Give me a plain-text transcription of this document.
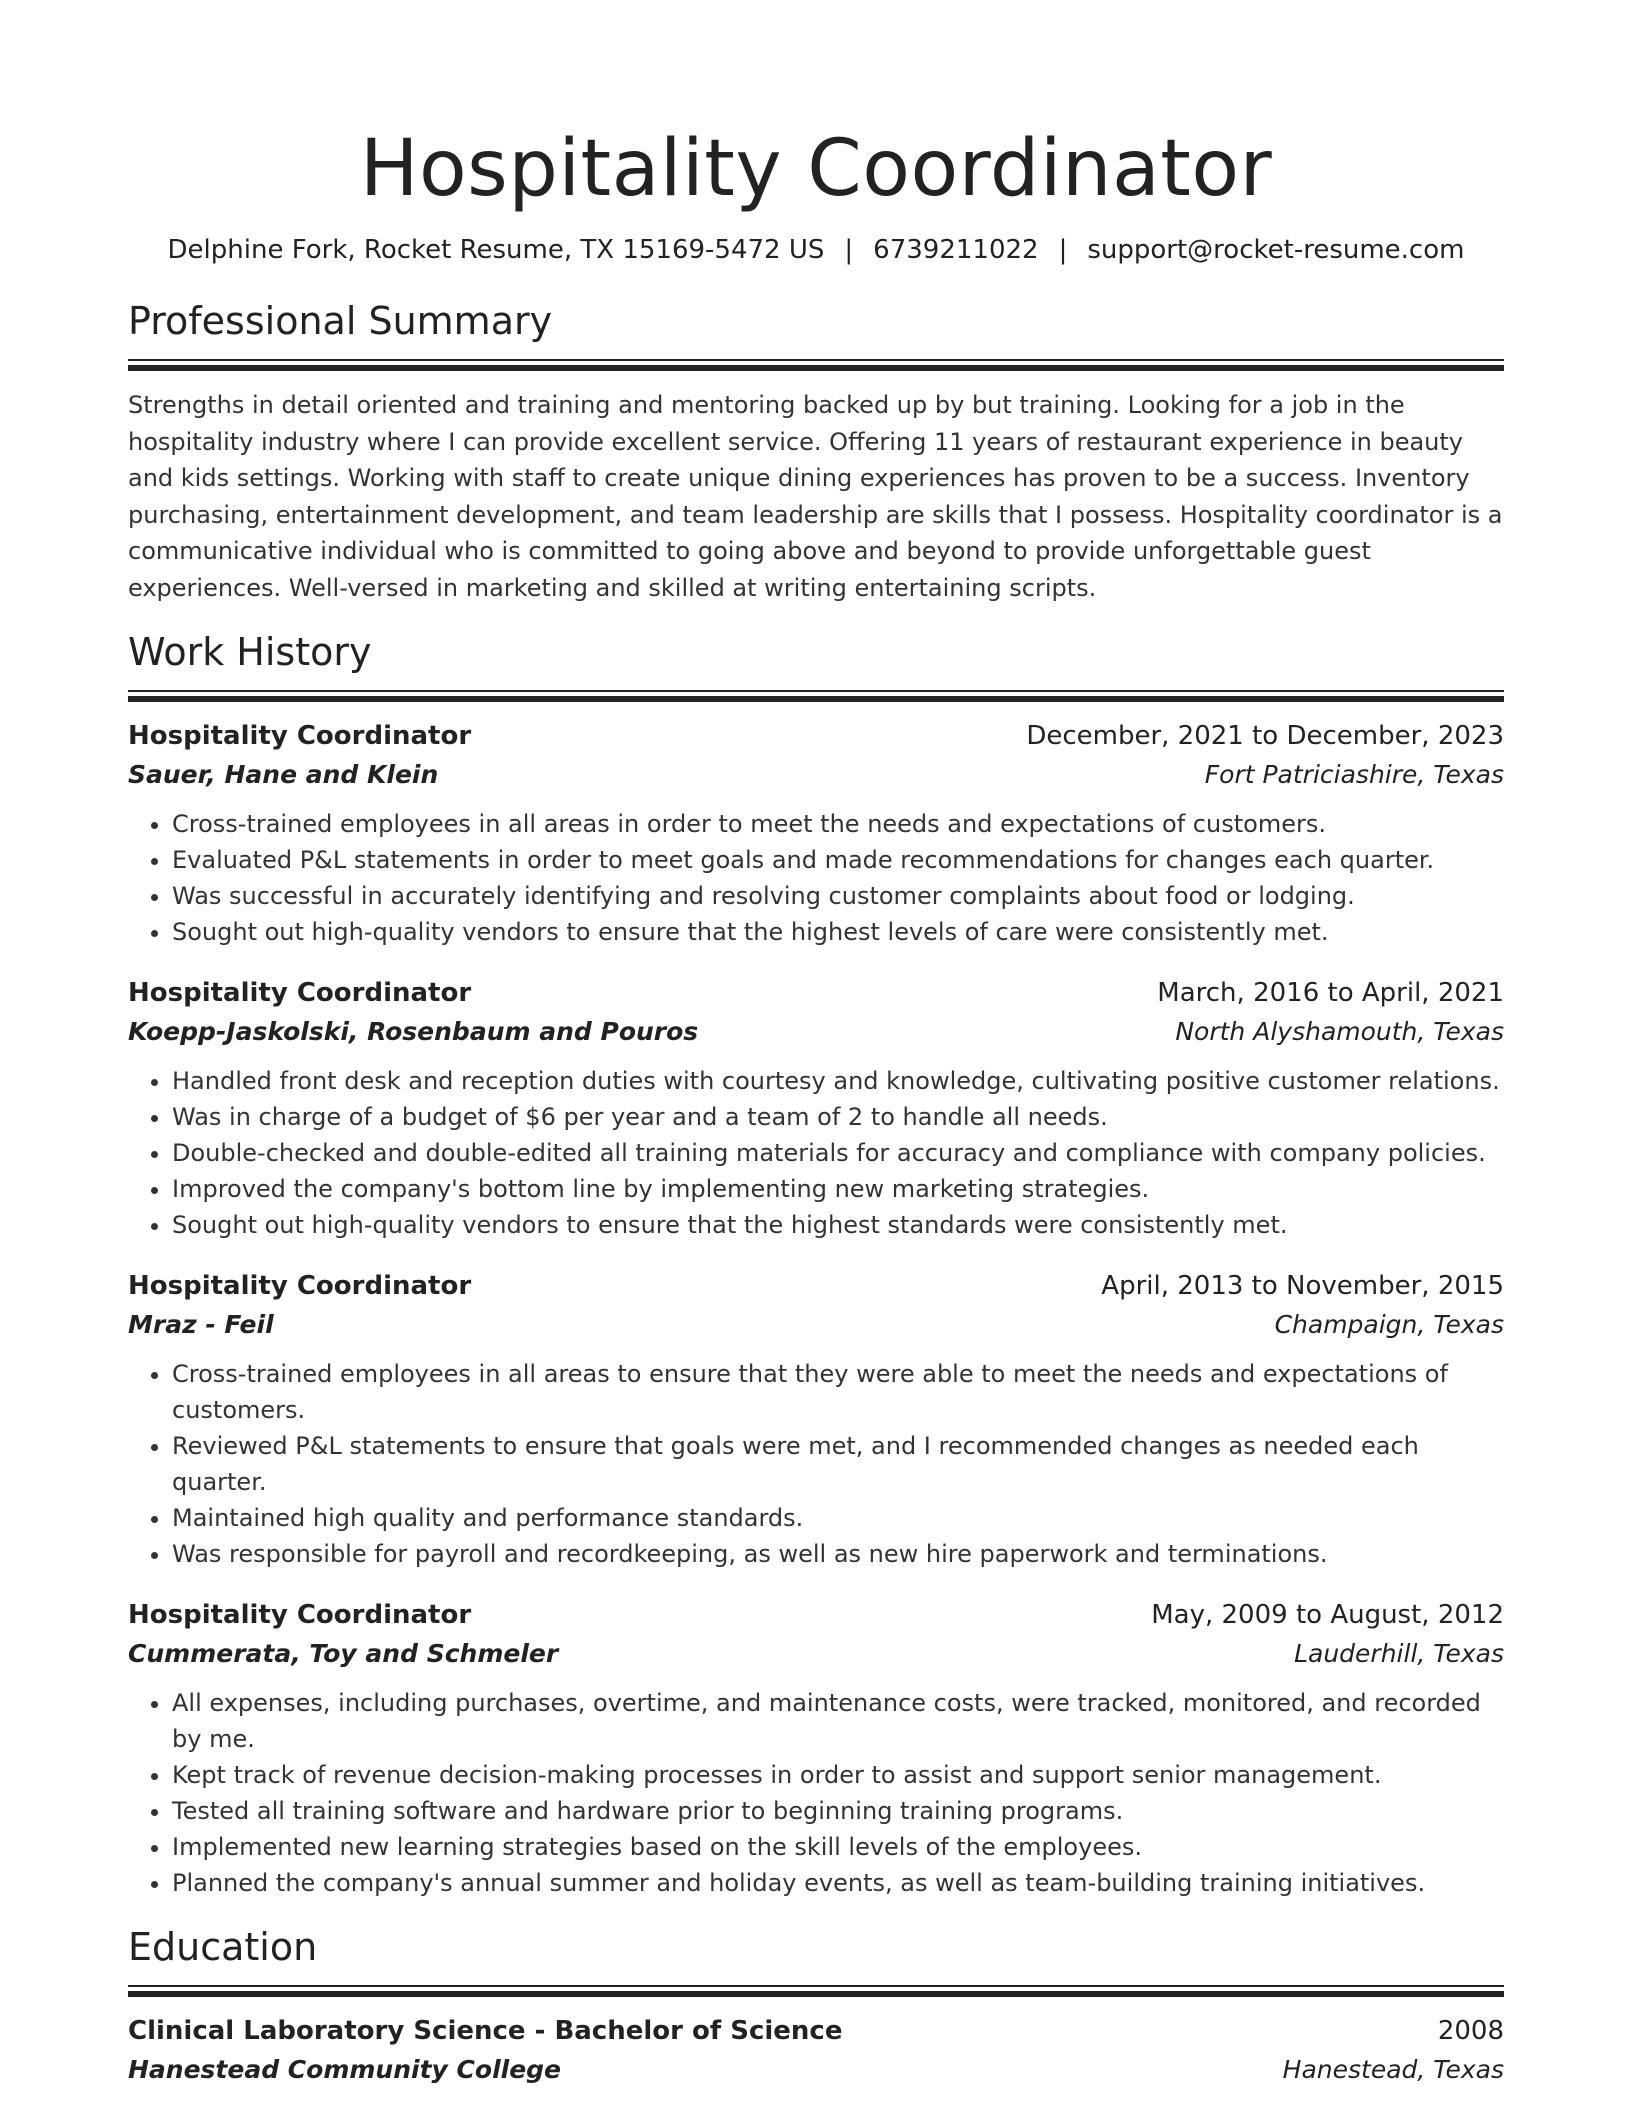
Hospitality Coordinator
Delphine Fork, Rocket Resume, TX 15169-5472 US | 6739211022 | support@rocket-resume.com
Professional Summary
Strengths in detail oriented and training and mentoring backed up by but training. Looking for a job in the hospitality industry where I can provide excellent service. Offering 11 years of restaurant experience in beauty and kids settings. Working with staff to create unique dining experiences has proven to be a success. Inventory purchasing, entertainment development, and team leadership are skills that I possess. Hospitality coordinator is a communicative individual who is committed to going above and beyond to provide unforgettable guest experiences. Well-versed in marketing and skilled at writing entertaining scripts.
Work History
Hospitality Coordinator	December, 2021 to December, 2023
Sauer, Hane and Klein	Fort Patriciashire, Texas
• Cross-trained employees in all areas in order to meet the needs and expectations of customers.
• Evaluated P&L statements in order to meet goals and made recommendations for changes each quarter.
• Was successful in accurately identifying and resolving customer complaints about food or lodging.
• Sought out high-quality vendors to ensure that the highest levels of care were consistently met.
Hospitality Coordinator	March, 2016 to April, 2021
Koepp-Jaskolski, Rosenbaum and Pouros	North Alyshamouth, Texas
• Handled front desk and reception duties with courtesy and knowledge, cultivating positive customer relations.
• Was in charge of a budget of $6 per year and a team of 2 to handle all needs.
• Double-checked and double-edited all training materials for accuracy and compliance with company policies.
• Improved the company's bottom line by implementing new marketing strategies.
• Sought out high-quality vendors to ensure that the highest standards were consistently met.
Hospitality Coordinator	April, 2013 to November, 2015
Mraz - Feil	Champaign, Texas
• Cross-trained employees in all areas to ensure that they were able to meet the needs and expectations of customers.
• Reviewed P&L statements to ensure that goals were met, and I recommended changes as needed each quarter.
• Maintained high quality and performance standards.
• Was responsible for payroll and recordkeeping, as well as new hire paperwork and terminations.
Hospitality Coordinator	May, 2009 to August, 2012
Cummerata, Toy and Schmeler	Lauderhill, Texas
• All expenses, including purchases, overtime, and maintenance costs, were tracked, monitored, and recorded by me.
• Kept track of revenue decision-making processes in order to assist and support senior management.
• Tested all training software and hardware prior to beginning training programs.
• Implemented new learning strategies based on the skill levels of the employees.
• Planned the company's annual summer and holiday events, as well as team-building training initiatives.
Education
Clinical Laboratory Science - Bachelor of Science	2008
Hanestead Community College	Hanestead, Texas
